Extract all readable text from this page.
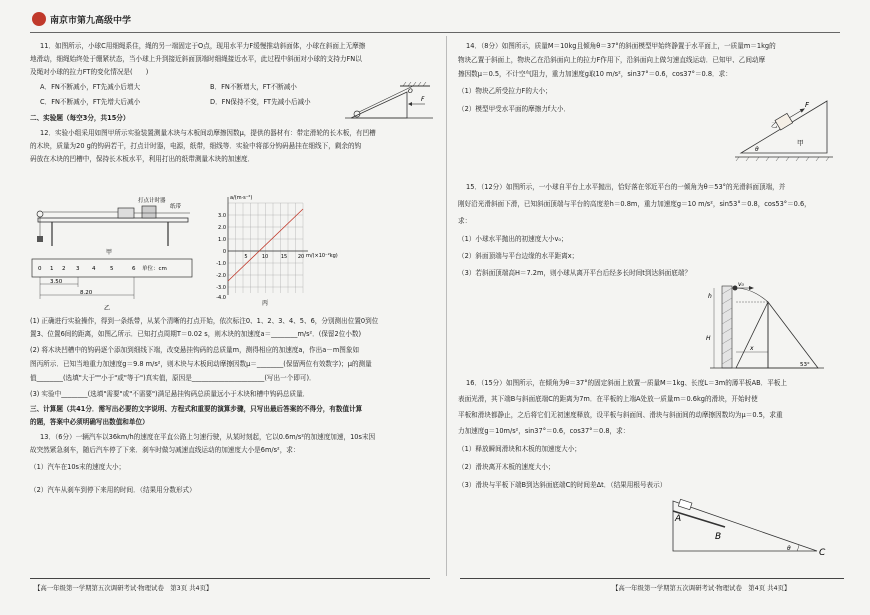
南京市第九高级中学
11．如图所示，小球C用细绳系住，绳的另一端固定于O点，现用水平力F缓慢推动斜面体，小球在斜面上无摩擦
地滑动，细绳始终处于绷紧状态，当小球上升到接近斜面顶端时细绳接近水平，此过程中斜面对小球的支持力FN以
及绳对小球的拉力FT的变化情况是(　　)
A．FN不断减小，FT先减小后增大	B．FN不断增大，FT不断减小
C．FN不断减小，FT先增大后减小	D．FN保持不变，FT先减小后减小
O
F
二、实验题（每空3分，共15分）
12．实验小组采用如图甲所示实验装置测量木块与木板间动摩擦因数μ，提供的器材有：带定滑轮的长木板，有凹槽
的木块，质量为20 g的钩码若干，打点计时器，电源，纸带，细线等．实验中将部分钩码悬挂在细线下，剩余的钩
码放在木块的凹槽中，保持长木板水平，利用打出的纸带测量木块的加速度．
打点计时器
纸带
甲
0 1 2 3 4	5	6 单位：cm
3.50
8.20
乙
a/(m·s⁻²)
m/(×10⁻²kg)
3.0
2.0
1.0
0
-1.0
-2.0
-3.0
-4.0
5	10	15 20
丙
(1) 正确进行实验操作，得到一条纸带，从某个清晰的打点开始，依次标注0、1、2、3、4、5、6，分别测出位置0到位
置3、位置6间的距离，如图乙所示．已知打点周期T＝0.02 s，则木块的加速度a＝________m/s²．(保留2位小数)
(2) 将木块凹槽中的钩码逐个添加到细线下端，改变悬挂钩码的总质量m，测得相应的加速度a，作出a－m图象如
图丙所示．已知当地重力加速度g＝9.8 m/s²，则木块与木板间动摩擦因数μ＝________(保留两位有效数字)；μ的测量
值________(选填"大于""小于"或"等于")真实值，原因是______________________(写出一个即可)．
(3) 实验中________(选填"需要"或"不需要")满足悬挂钩码总质量远小于木块和槽中钩码总质量．
三、计算题（共41分．需写出必要的文字说明、方程式和重要的演算步骤，只写出最后答案的不得分，有数值计算
的题，答案中必须明确写出数值和单位）
13．（6分）一辆汽车以36km/h的速度在平直公路上匀速行驶，从某时刻起，它以0.6m/s²的加速度加速，10s末因
故突然紧急刹车，随后汽车停了下来．刹车时做匀减速直线运动的加速度大小是6m/s²，求：
（1）汽车在10s末的速度大小；
（2）汽车从刹车到停下来用的时间．（结果用分数形式）
【高一年级第一学期第五次调研考试·物理试卷　第3页 共4页】
14．（8分）如图所示，质量M＝10kg且倾角θ＝37°的斜面模型甲始终静置于水平面上，一质量m＝1kg的
物块乙置于斜面上，物块乙在沿斜面向上的拉力F作用下，沿斜面向上做匀速直线运动．已知甲、乙间动摩
擦因数μ＝0.5，不计空气阻力，重力加速度g取10 m/s²，sin37°＝0.6，cos37°＝0.8．求：
（1）物块乙所受拉力F的大小；
（2）模型甲受水平面的摩擦力f大小．	F
乙
甲
θ
15．（12分）如图所示，一小球自平台上水平抛出，恰好落在邻近平台的一倾角为θ＝53°的光滑斜面顶端，并
刚好沿光滑斜面下滑，已知斜面顶端与平台的高度差h＝0.8m，重力加速度g＝10 m/s²，sin53°＝0.8，cos53°＝0.6，
求：
（1）小球水平抛出的初速度大小v₀；
（2）斜面顶端与平台边缘的水平距离x；
（3）若斜面顶端高H＝7.2m，则小球从离开平台后经多长时间t到达斜面底端？
v₀
h
H
x
53°
16．（15分）如图所示，在倾角为θ＝37°的固定斜面上放置一质量M＝1kg、长度L＝3m的薄平板AB．平板上
表面光滑，其下端B与斜面底端C的距离为7m．在平板的上端A处放一质量m＝0.6kg的滑块，开始时使
平板和滑块都静止，之后将它们无初速度释放，设平板与斜面间、滑块与斜面间的动摩擦因数均为μ＝0.5，求重
力加速度g＝10m/s²，sin37°＝0.6，cos37°＝0.8，求：
（1）释放瞬间滑块和木板的加速度大小；
（2）滑块离开木板的速度大小；
（3）滑块与平板下端B到达斜面底端C的时间差Δt．（结果用根号表示）
A
B
C
θ
【高一年级第一学期第五次调研考试·物理试卷　第4页 共4页】
